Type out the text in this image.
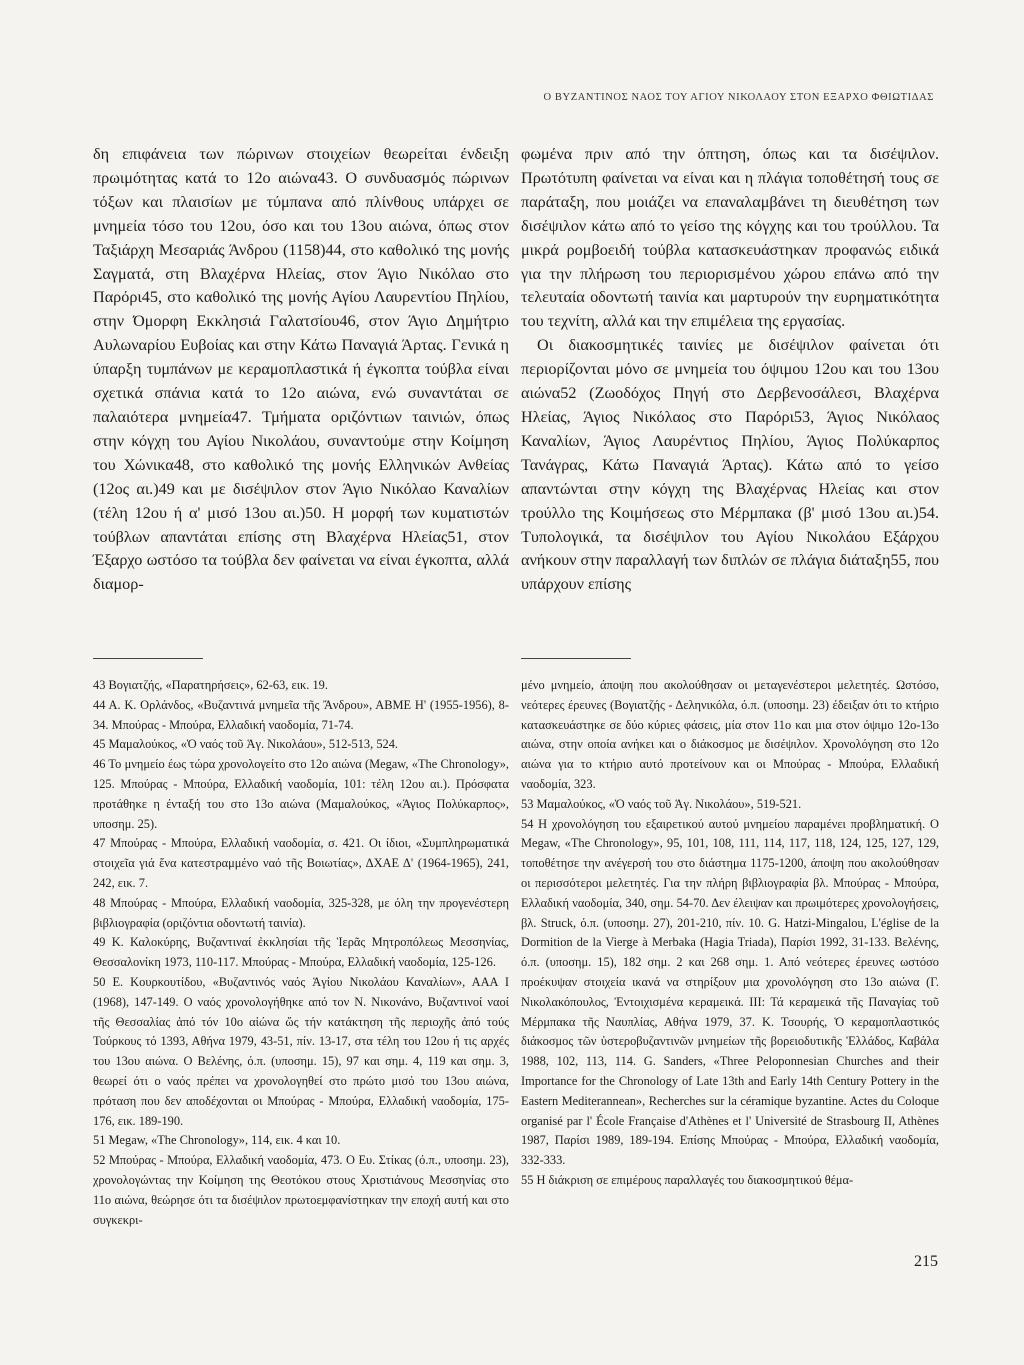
Ο ΒΥΖΑΝΤΙΝΟΣ ΝΑΟΣ ΤΟΥ ΑΓΙΟΥ ΝΙΚΟΛΑΟΥ ΣΤΟΝ ΕΞΑΡΧΟ ΦΘΙΩΤΙΔΑΣ

δη επιφάνεια των πώρινων στοιχείων θεωρείται ένδειξη πρωιμότητας κατά το 12ο αιώνα43. Ο συνδυασμός πώρινων τόξων και πλαισίων με τύμπανα από πλίνθους υπάρχει σε μνημεία τόσο του 12ου, όσο και του 13ου αιώνα, όπως στον Ταξιάρχη Μεσαριάς Άνδρου (1158)44, στο καθολικό της μονής Σαγματά, στη Βλαχέρνα Ηλείας, στον Άγιο Νικόλαο στο Παρόρι45, στο καθολικό της μονής Αγίου Λαυρεντίου Πηλίου, στην Όμορφη Εκκλησιά Γαλατσίου46, στον Άγιο Δημήτριο Αυλωναρίου Ευβοίας και στην Κάτω Παναγιά Άρτας. Γενικά η ύπαρξη τυμπάνων με κεραμοπλαστικά ή έγκοπτα τούβλα είναι σχετικά σπάνια κατά το 12ο αιώνα, ενώ συναντάται σε παλαιότερα μνημεία47. Τμήματα οριζόντιων ταινιών, όπως στην κόγχη του Αγίου Νικολάου, συναντούμε στην Κοίμηση του Χώνικα48, στο καθολικό της μονής Ελληνικών Ανθείας (12ος αι.)49 και με δισέψιλον στον Άγιο Νικόλαο Καναλίων (τέλη 12ου ή α' μισό 13ου αι.)50. Η μορφή των κυματιστών τούβλων απαντάται επίσης στη Βλαχέρνα Ηλείας51, στον Έξαρχο ωστόσο τα τούβλα δεν φαίνεται να είναι έγκοπτα, αλλά διαμορ-

φωμένα πριν από την όπτηση, όπως και τα δισέψιλον. Πρωτότυπη φαίνεται να είναι και η πλάγια τοποθέτησή τους σε παράταξη, που μοιάζει να επαναλαμβάνει τη διευθέτηση των δισέψιλον κάτω από το γείσο της κόγχης και του τρούλλου. Τα μικρά ρομβοειδή τούβλα κατασκευάστηκαν προφανώς ειδικά για την πλήρωση του περιορισμένου χώρου επάνω από την τελευταία οδοντωτή ταινία και μαρτυρούν την ευρηματικότητα του τεχνίτη, αλλά και την επιμέλεια της εργασίας.

Οι διακοσμητικές ταινίες με δισέψιλον φαίνεται ότι περιορίζονται μόνο σε μνημεία του όψιμου 12ου και του 13ου αιώνα52 (Ζωοδόχος Πηγή στο Δερβενοσάλεσι, Βλαχέρνα Ηλείας, Άγιος Νικόλαος στο Παρόρι53, Άγιος Νικόλαος Καναλίων, Άγιος Λαυρέντιος Πηλίου, Άγιος Πολύκαρπος Τανάγρας, Κάτω Παναγιά Άρτας). Κάτω από το γείσο απαντώνται στην κόγχη της Βλαχέρνας Ηλείας και στον τρούλλο της Κοιμήσεως στο Μέρμπακα (β' μισό 13ου αι.)54. Τυπολογικά, τα δισέψιλον του Αγίου Νικολάου Εξάρχου ανήκουν στην παραλλαγή των διπλών σε πλάγια διάταξη55, που υπάρχουν επίσης

43 Βογιατζής, «Παρατηρήσεις», 62-63, εικ. 19.

44 Α. Κ. Ορλάνδος, «Βυζαντινά μνημεῖα τῆς Ἄνδρου», ΑΒΜΕ Η' (1955-1956), 8-34. Μπούρας - Μπούρα, Ελλαδική ναοδομία, 71-74.

45 Μαμαλούκος, «Ὁ ναός τοῦ Ἁγ. Νικολάου», 512-513, 524.

46 Το μνημείο έως τώρα χρονολογείτο στο 12ο αιώνα (Megaw, «The Chronology», 125. Μπούρας - Μπούρα, Ελλαδική ναοδομία, 101: τέλη 12ου αι.). Πρόσφατα προτάθηκε η ένταξή του στο 13ο αιώνα (Μαμαλούκος, «Άγιος Πολύκαρπος», υποσημ. 25).

47 Μπούρας - Μπούρα, Ελλαδική ναοδομία, σ. 421. Οι ίδιοι, «Συμπληρωματικά στοιχεῖα γιά ἕνα κατεστραμμένο ναό τῆς Βοιωτίας», ΔΧΑΕ Δ' (1964-1965), 241, 242, εικ. 7.

48 Μπούρας - Μπούρα, Ελλαδική ναοδομία, 325-328, με όλη την προγενέστερη βιβλιογραφία (οριζόντια οδοντωτή ταινία).

49 Κ. Καλοκύρης, Βυζαντιναί ἐκκλησίαι τῆς Ἱερᾶς Μητροπόλεως Μεσσηνίας, Θεσσαλονίκη 1973, 110-117. Μπούρας - Μπούρα, Ελλαδική ναοδομία, 125-126.

50 Ε. Κουρκουτίδου, «Βυζαντινός ναός Ἁγίου Νικολάου Καναλίων», ΑΑΑ Ι (1968), 147-149. Ο ναός χρονολογήθηκε από τον Ν. Νικονάνο, Βυζαντινοί ναοί τῆς Θεσσαλίας ἀπό τόν 10ο αἰώνα ὥς τήν κατάκτηση τῆς περιοχῆς ἀπό τούς Τούρκους τό 1393, Αθήνα 1979, 43-51, πίν. 13-17, στα τέλη του 12ου ή τις αρχές του 13ου αιώνα. Ο Βελένης, ό.π. (υποσημ. 15), 97 και σημ. 4, 119 και σημ. 3, θεωρεί ότι ο ναός πρέπει να χρονολογηθεί στο πρώτο μισό του 13ου αιώνα, πρόταση που δεν αποδέχονται οι Μπούρας - Μπούρα, Ελλαδική ναοδομία, 175-176, εικ. 189-190.

51 Megaw, «The Chronology», 114, εικ. 4 και 10.

52 Μπούρας - Μπούρα, Ελλαδική ναοδομία, 473. Ο Ευ. Στίκας (ό.π., υποσημ. 23), χρονολογώντας την Κοίμηση της Θεοτόκου στους Χριστιάνους Μεσσηνίας στο 11ο αιώνα, θεώρησε ότι τα δισέψιλον πρωτοεμφανίστηκαν την εποχή αυτή και στο συγκεκρι-

μένο μνημείο, άποψη που ακολούθησαν οι μεταγενέστεροι μελετητές. Ωστόσο, νεότερες έρευνες (Βογιατζής - Δεληνικόλα, ό.π. (υποσημ. 23) έδειξαν ότι το κτήριο κατασκευάστηκε σε δύο κύριες φάσεις, μία στον 11ο και μια στον όψιμο 12ο-13ο αιώνα, στην οποία ανήκει και ο διάκοσμος με δισέψιλον. Χρονολόγηση στο 12ο αιώνα για το κτήριο αυτό προτείνουν και οι Μπούρας - Μπούρα, Ελλαδική ναοδομία, 323.

53 Μαμαλούκος, «Ὁ ναός τοῦ Ἁγ. Νικολάου», 519-521.

54 Η χρονολόγηση του εξαιρετικού αυτού μνημείου παραμένει προβληματική. Ο Megaw, «The Chronology», 95, 101, 108, 111, 114, 117, 118, 124, 125, 127, 129, τοποθέτησε την ανέγερσή του στο διάστημα 1175-1200, άποψη που ακολούθησαν οι περισσότεροι μελετητές. Για την πλήρη βιβλιογραφία βλ. Μπούρας - Μπούρα, Ελλαδική ναοδομία, 340, σημ. 54-70. Δεν έλειψαν και πρωιμότερες χρονολογήσεις, βλ. Struck, ό.π. (υποσημ. 27), 201-210, πίν. 10. G. Hatzi-Mingalou, L'église de la Dormition de la Vierge à Merbaka (Hagia Triada), Παρίσι 1992, 31-133. Βελένης, ό.π. (υποσημ. 15), 182 σημ. 2 και 268 σημ. 1. Από νεότερες έρευνες ωστόσο προέκυψαν στοιχεία ικανά να στηρίξουν μια χρονολόγηση στο 13ο αιώνα (Γ. Νικολακόπουλος, Ἐντοιχισμένα κεραμεικά. ΙΙΙ: Τά κεραμεικά τῆς Παναγίας τοῦ Μέρμπακα τῆς Ναυπλίας, Αθήνα 1979, 37. Κ. Τσουρής, Ὁ κεραμοπλαστικός διάκοσμος τῶν ὑστεροβυζαντινῶν μνημείων τῆς βορειοδυτικῆς Ἑλλάδος, Καβάλα 1988, 102, 113, 114. G. Sanders, «Three Peloponnesian Churches and their Importance for the Chronology of Late 13th and Early 14th Century Pottery in the Eastern Mediterannean», Recherches sur la céramique byzantine. Actes du Coloque organisé par l' École Française d'Athènes et l' Université de Strasbourg II, Athènes 1987, Παρίσι 1989, 189-194. Επίσης Μπούρας - Μπούρα, Ελλαδική ναοδομία, 332-333.

55 Η διάκριση σε επιμέρους παραλλαγές του διακοσμητικού θέμα-

215
